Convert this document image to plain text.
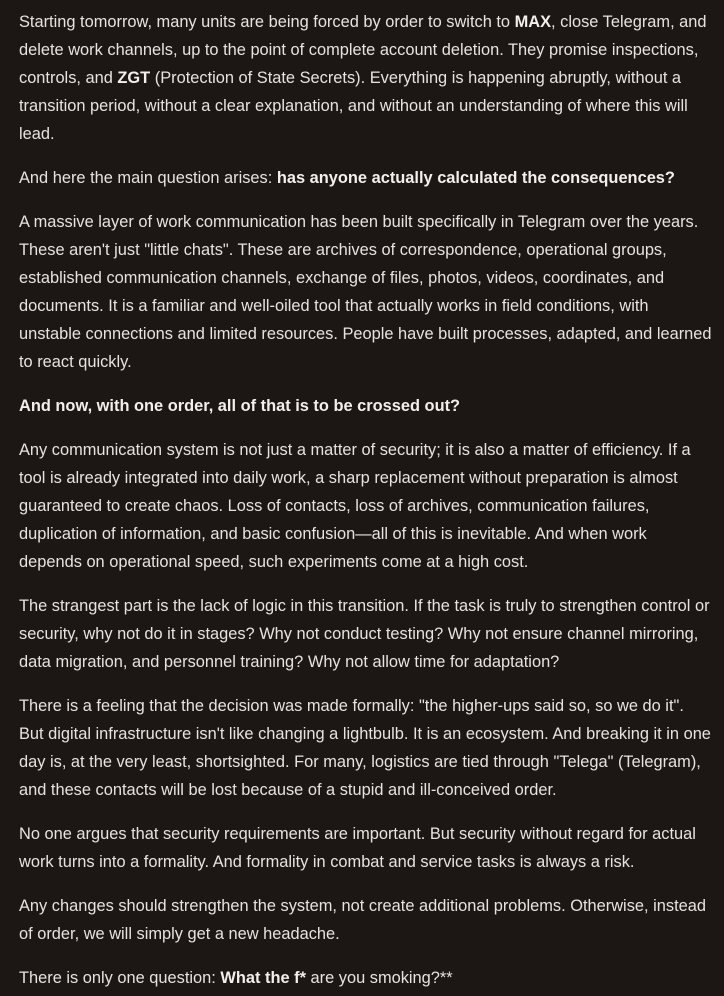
Starting tomorrow, many units are being forced by order to switch to MAX, close Telegram, and delete work channels, up to the point of complete account deletion. They promise inspections, controls, and ZGT (Protection of State Secrets). Everything is happening abruptly, without a transition period, without a clear explanation, and without an understanding of where this will lead.

And here the main question arises: has anyone actually calculated the consequences?

A massive layer of work communication has been built specifically in Telegram over the years. These aren't just "little chats". These are archives of correspondence, operational groups, established communication channels, exchange of files, photos, videos, coordinates, and documents. It is a familiar and well-oiled tool that actually works in field conditions, with unstable connections and limited resources. People have built processes, adapted, and learned to react quickly.

And now, with one order, all of that is to be crossed out?

Any communication system is not just a matter of security; it is also a matter of efficiency. If a tool is already integrated into daily work, a sharp replacement without preparation is almost guaranteed to create chaos. Loss of contacts, loss of archives, communication failures, duplication of information, and basic confusion—all of this is inevitable. And when work depends on operational speed, such experiments come at a high cost.

The strangest part is the lack of logic in this transition. If the task is truly to strengthen control or security, why not do it in stages? Why not conduct testing? Why not ensure channel mirroring, data migration, and personnel training? Why not allow time for adaptation?

There is a feeling that the decision was made formally: "the higher-ups said so, so we do it". But digital infrastructure isn't like changing a lightbulb. It is an ecosystem. And breaking it in one day is, at the very least, shortsighted. For many, logistics are tied through "Telega" (Telegram), and these contacts will be lost because of a stupid and ill-conceived order.

No one argues that security requirements are important. But security without regard for actual work turns into a formality. And formality in combat and service tasks is always a risk.

Any changes should strengthen the system, not create additional problems. Otherwise, instead of order, we will simply get a new headache.

There is only one question: What the f* are you smoking?**
